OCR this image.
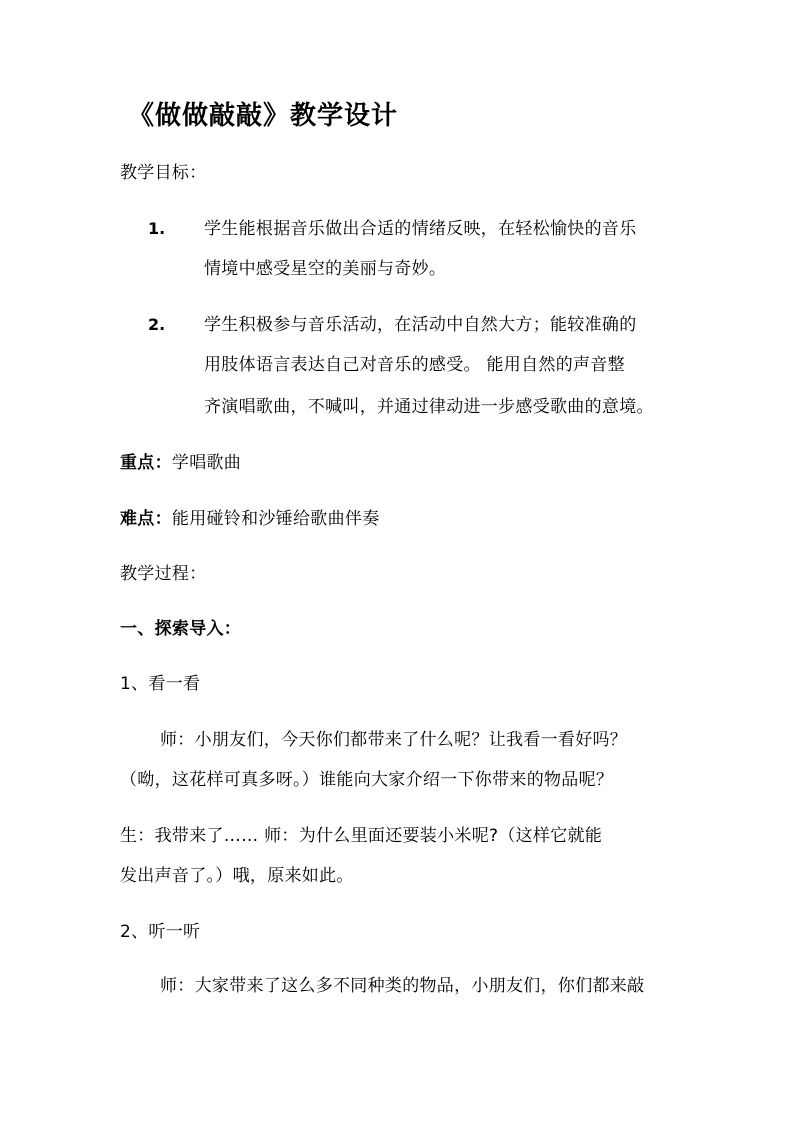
《做做敲敲》教学设计
教学目标：
1. 学生能根据音乐做出合适的情绪反映，在轻松愉快的音乐
情境中感受星空的美丽与奇妙。
2. 学生积极参与音乐活动，在活动中自然大方；能较准确的
用肢体语言表达自己对音乐的感受。 能用自然的声音整
齐演唱歌曲，不喊叫，并通过律动进一步感受歌曲的意境。
重点：学唱歌曲
难点：能用碰铃和沙锤给歌曲伴奏
教学过程：
一、探索导入：
1、看一看
师：小朋友们，今天你们都带来了什么呢？让我看一看好吗？
（呦，这花样可真多呀。）谁能向大家介绍一下你带来的物品呢？
生：我带来了…… 师：为什么里面还要装小米呢?（这样它就能
发出声音了。）哦，原来如此。
2、听一听
师：大家带来了这么多不同种类的物品，小朋友们，你们都来敲
